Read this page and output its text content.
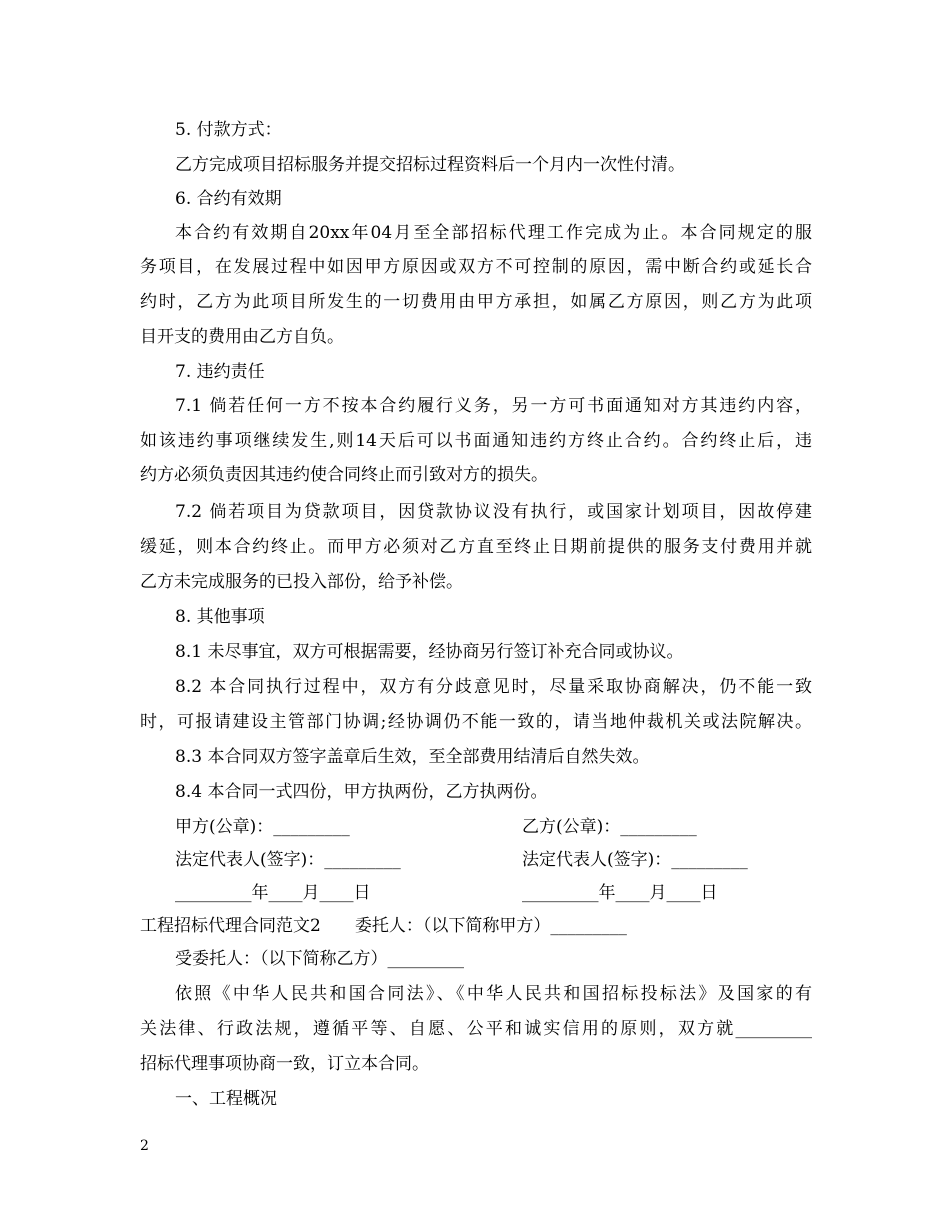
5. 付款方式：
乙方完成项目招标服务并提交招标过程资料后一个月内一次性付清。
6. 合约有效期
本合约有效期自20xx年04月至全部招标代理工作完成为止。本合同规定的服
务项目，在发展过程中如因甲方原因或双方不可控制的原因，需中断合约或延长合
约时，乙方为此项目所发生的一切费用由甲方承担，如属乙方原因，则乙方为此项
目开支的费用由乙方自负。
7. 违约责任
7.1 倘若任何一方不按本合约履行义务，另一方可书面通知对方其违约内容，
如该违约事项继续发生,则14天后可以书面通知违约方终止合约。合约终止后，违
约方必须负责因其违约使合同终止而引致对方的损失。
7.2 倘若项目为贷款项目，因贷款协议没有执行，或国家计划项目，因故停建
缓延，则本合约终止。而甲方必须对乙方直至终止日期前提供的服务支付费用并就
乙方未完成服务的已投入部份，给予补偿。
8. 其他事项
8.1 未尽事宜，双方可根据需要，经协商另行签订补充合同或协议。
8.2 本合同执行过程中，双方有分歧意见时，尽量采取协商解决，仍不能一致
时，可报请建设主管部门协调;经协调仍不能一致的，请当地仲裁机关或法院解决。
8.3 本合同双方签字盖章后生效，至全部费用结清后自然失效。
8.4 本合同一式四份，甲方执两份，乙方执两份。
甲方(公章)：_________	乙方(公章)：_________
法定代表人(签字)：_________	法定代表人(签字)：_________
_________年____月____日	_________年____月____日
工程招标代理合同范文2　　委托人：（以下简称甲方）_________
受委托人：（以下简称乙方）_________
依照《中华人民共和国合同法》、《中华人民共和国招标投标法》及国家的有
关法律、行政法规，遵循平等、自愿、公平和诚实信用的原则，双方就_________
招标代理事项协商一致，订立本合同。
一、工程概况
2
